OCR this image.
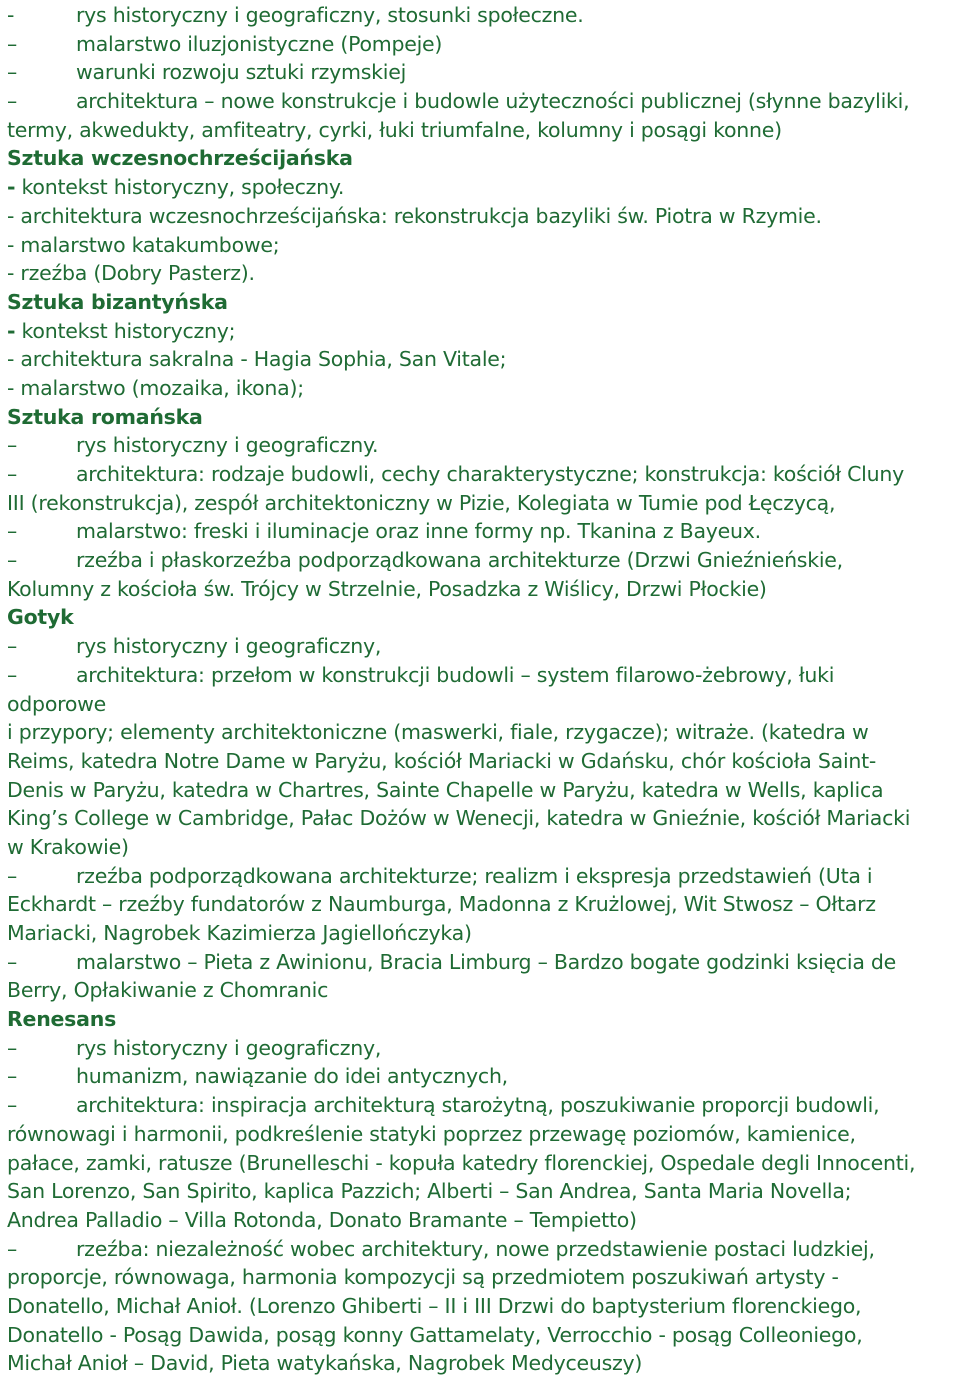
-	rys historyczny i geograficzny, stosunki społeczne.
–	malarstwo iluzjonistyczne (Pompeje)
–	warunki rozwoju sztuki rzymskiej
–	architektura – nowe konstrukcje i budowle użyteczności publicznej (słynne bazyliki,
termy, akwedukty, amfiteatry, cyrki, łuki triumfalne, kolumny i posągi konne)
Sztuka wczesnochrześcijańska
- kontekst historyczny, społeczny.
- architektura wczesnochrześcijańska: rekonstrukcja bazyliki św. Piotra w Rzymie.
- malarstwo katakumbowe;
- rzeźba (Dobry Pasterz).
Sztuka bizantyńska
- kontekst historyczny;
- architektura sakralna - Hagia Sophia, San Vitale;
- malarstwo (mozaika, ikona);
Sztuka romańska
–	rys historyczny i geograficzny.
–	architektura: rodzaje budowli, cechy charakterystyczne; konstrukcja: kościół Cluny
III (rekonstrukcja), zespół architektoniczny w Pizie, Kolegiata w Tumie pod Łęczycą,
–	malarstwo: freski i iluminacje oraz inne formy np. Tkanina z Bayeux.
–	rzeźba i płaskorzeźba podporządkowana architekturze (Drzwi Gnieźnieńskie,
Kolumny z kościoła św. Trójcy w Strzelnie, Posadzka z Wiślicy, Drzwi Płockie)
Gotyk
–	rys historyczny i geograficzny,
–	architektura: przełom w konstrukcji budowli – system filarowo-żebrowy, łuki
odporowe
i przypory; elementy architektoniczne (maswerki, fiale, rzygacze); witraże. (katedra w
Reims, katedra Notre Dame w Paryżu, kościół Mariacki w Gdańsku, chór kościoła Saint-
Denis w Paryżu, katedra w Chartres, Sainte Chapelle w Paryżu, katedra w Wells, kaplica
King’s College w Cambridge, Pałac Dożów w Wenecji, katedra w Gnieźnie, kościół Mariacki
w Krakowie)
–	rzeźba podporządkowana architekturze; realizm i ekspresja przedstawień (Uta i
Eckhardt – rzeźby fundatorów z Naumburga, Madonna z Krużlowej, Wit Stwosz – Ołtarz
Mariacki, Nagrobek Kazimierza Jagiellończyka)
–	malarstwo – Pieta z Awinionu, Bracia Limburg – Bardzo bogate godzinki księcia de
Berry, Opłakiwanie z Chomranic
Renesans
–	rys historyczny i geograficzny,
–	humanizm, nawiązanie do idei antycznych,
–	architektura: inspiracja architekturą starożytną, poszukiwanie proporcji budowli,
równowagi i harmonii, podkreślenie statyki poprzez przewagę poziomów, kamienice,
pałace, zamki, ratusze (Brunelleschi - kopuła katedry florenckiej, Ospedale degli Innocenti,
San Lorenzo, San Spirito, kaplica Pazzich; Alberti – San Andrea, Santa Maria Novella;
Andrea Palladio – Villa Rotonda, Donato Bramante – Tempietto)
–	rzeźba: niezależność wobec architektury, nowe przedstawienie postaci ludzkiej,
proporcje, równowaga, harmonia kompozycji są przedmiotem poszukiwań artysty -
Donatello, Michał Anioł. (Lorenzo Ghiberti – II i III Drzwi do baptysterium florenckiego,
Donatello - Posąg Dawida, posąg konny Gattamelaty, Verrocchio - posąg Colleoniego,
Michał Anioł – David, Pieta watykańska, Nagrobek Medyceuszy)
